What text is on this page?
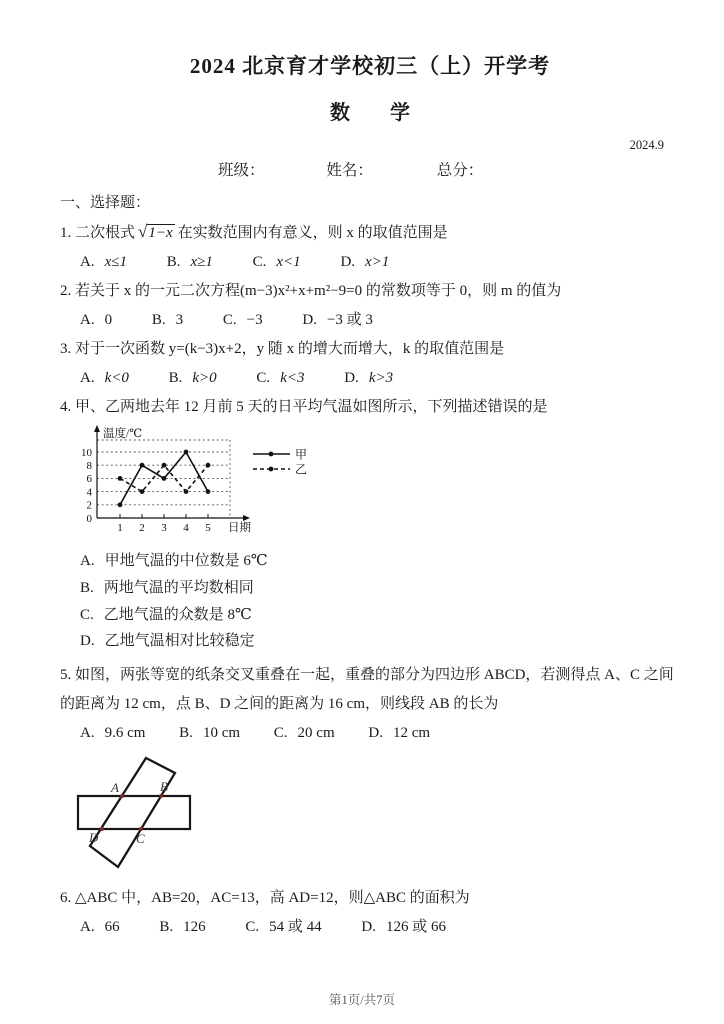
2024 北京育才学校初三（上）开学考
数　　学
2024.9
班级：	姓名：	总分：
一、选择题：
1. 二次根式 √1−x 在实数范围内有意义，则 x 的取值范围是
A. x≤1	B. x≥1	C. x<1	D. x>1
2. 若关于 x 的一元二次方程(m−3)x²+x+m²−9=0 的常数项等于 0，则 m 的值为
A. 0	B. 3	C. −3	D. −3 或 3
3. 对于一次函数 y=(k−3)x+2，y 随 x 的增大而增大，k 的取值范围是
A. k<0	B. k>0	C. k<3	D. k>3
4. 甲、乙两地去年 12 月前 5 天的日平均气温如图所示，下列描述错误的是
0
2
4
6
8
10
1 2 3 4 5
温度/℃
日期
甲
乙
A. 甲地气温的中位数是 6℃
B. 两地气温的平均数相同
C. 乙地气温的众数是 8℃
D. 乙地气温相对比较稳定
5. 如图，两张等宽的纸条交叉重叠在一起，重叠的部分为四边形 ABCD，若测得点 A、C 之间
的距离为 12 cm，点 B、D 之间的距离为 16 cm，则线段 AB 的长为
A. 9.6 cm B. 10 cm C. 20 cm D. 12 cm
A	B
C
D
6. △ABC 中，AB=20，AC=13，高 AD=12，则△ABC 的面积为
A. 66	B. 126	C. 54 或 44	D. 126 或 66
第1页/共7页
